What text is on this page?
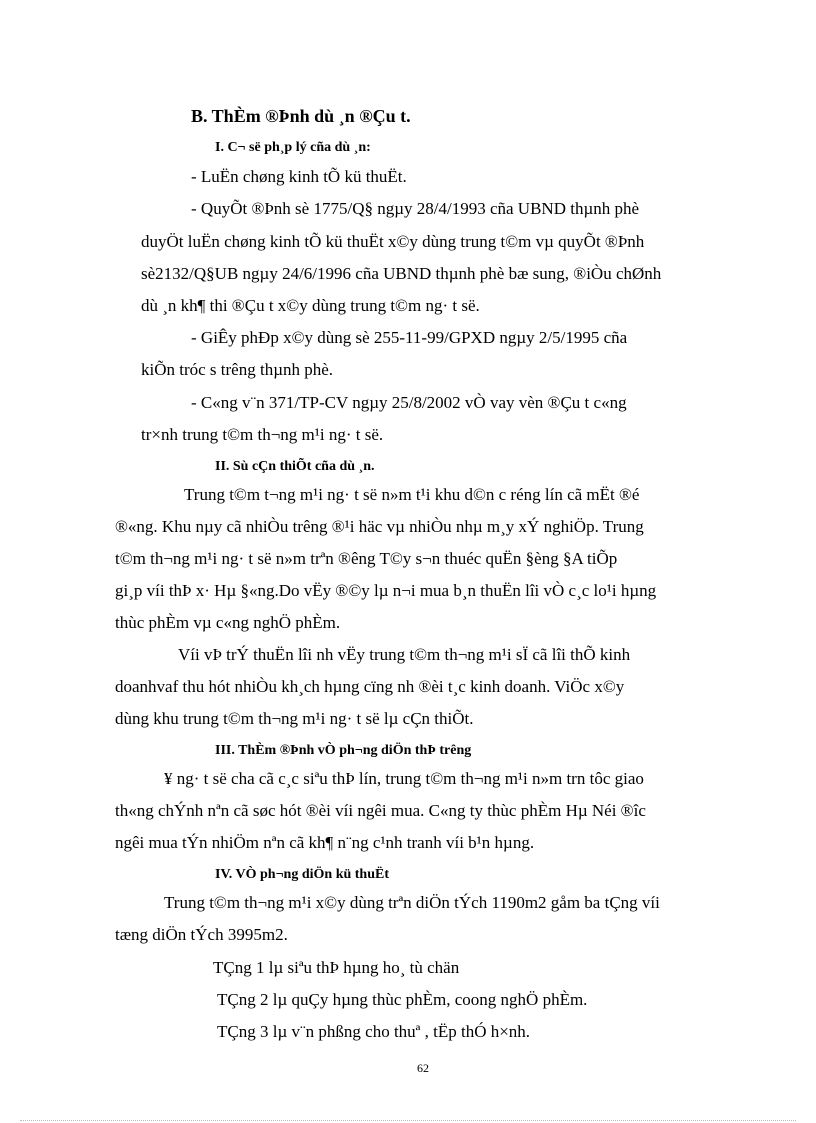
B. ThÈm ®Þnh dù ¸n ®Çu t.
I. C¬ së ph¸p lý cña dù ¸n:
- LuËn chøng kinh tÕ kü thuËt.
- QuyÕt ®Þnh sè 1775/Q§ ngµy 28/4/1993 cña UBND thµnh phè
duyÖt luËn chøng kinh tÕ kü thuËt x©y dùng trung t©m vµ quyÕt ®Þnh
sè2132/Q§UB ngµy 24/6/1996 cña UBND thµnh phè bæ sung, ®iÒu chØnh
dù ¸n kh¶ thi ®Çu t x©y dùng trung t©m ng· t së.
- GiÊy phÐp x©y dùng sè 255-11-99/GPXD ngµy 2/5/1995 cña
kiÕn tróc s trêng thµnh phè.
- C«ng v¨n 371/TP-CV ngµy 25/8/2002 vÒ vay vèn ®Çu t c«ng
tr×nh trung t©m th¬ng m¹i ng· t së.
II. Sù cÇn thiÕt cña dù ¸n.
Trung t©m t¬ng m¹i ng· t së n»m t¹i khu d©n c réng lín cã mËt ®é
®«ng. Khu nµy cã nhiÒu trêng ®¹i häc vµ nhiÒu nhµ m¸y xÝ nghiÖp. Trung
t©m th¬ng m¹i ng· t së n»m trªn ®êng T©y s¬n thuéc quËn §èng §A tiÕp
gi¸p víi thÞ x· Hµ §«ng.Do vËy ®©y lµ n¬i mua b¸n thuËn lîi vÒ c¸c lo¹i hµng
thùc phÈm vµ c«ng nghÖ phÈm.
Víi vÞ trÝ thuËn lîi nh vËy trung t©m th¬ng m¹i sÏ cã lîi thÕ kinh
doanhvaf thu hót nhiÒu kh¸ch hµng cïng nh ®èi t¸c kinh doanh. ViÖc x©y
dùng khu trung t©m th¬ng m¹i ng· t së lµ cÇn thiÕt.
III. ThÈm ®Þnh vÒ ph¬ng diÖn thÞ trêng
¥ ng· t së cha cã c¸c siªu thÞ lín, trung t©m th¬ng m¹i n»m trn tôc giao
th«ng chÝnh nªn cã søc hót ®èi víi ngêi mua. C«ng ty thùc phÈm Hµ Néi ®îc
ngêi mua tÝn nhiÖm nªn cã kh¶ n¨ng c¹nh tranh víi b¹n hµng.
IV. VÒ ph¬ng diÖn kü thuËt
Trung t©m th¬ng m¹i x©y dùng trªn diÖn tÝch 1190m2 gåm ba tÇng víi
tæng diÖn tÝch 3995m2.
TÇng 1 lµ siªu thÞ hµng ho¸ tù chän
TÇng 2 lµ quÇy hµng thùc phÈm, coong nghÖ phÈm.
TÇng 3 lµ v¨n phßng cho thuª , tËp thÓ h×nh.
62
